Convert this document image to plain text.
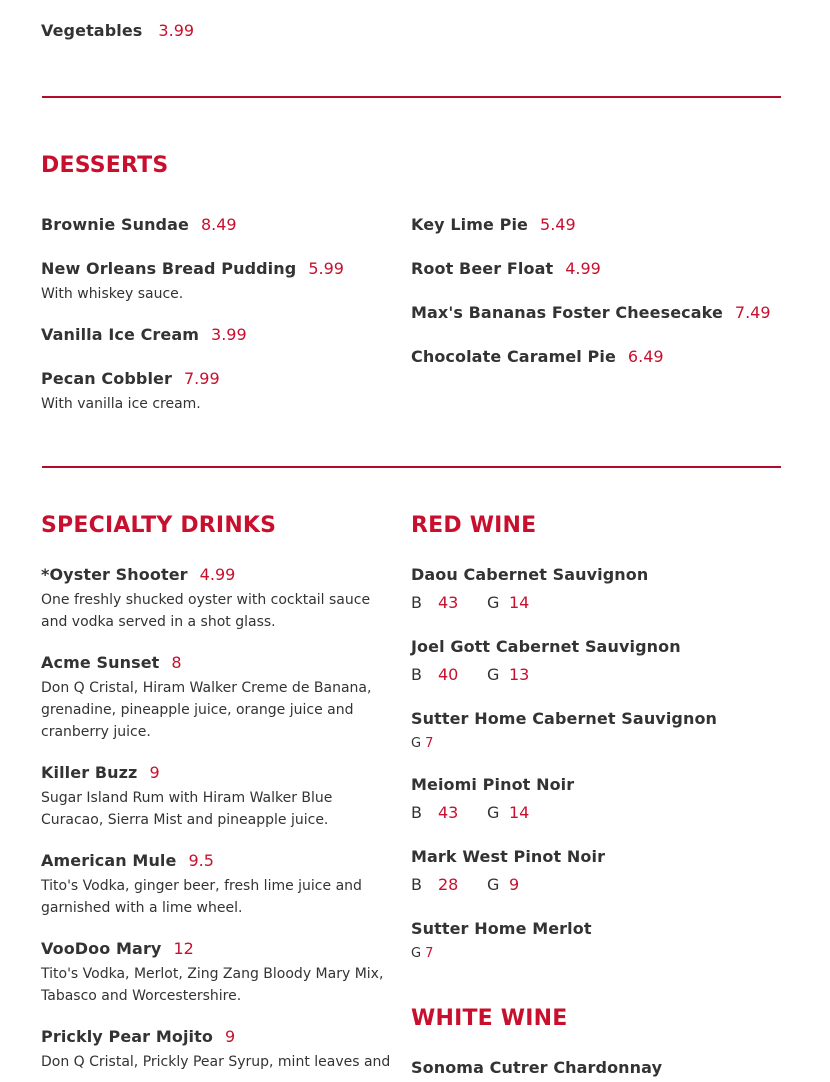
Vegetables 3.99
DESSERTS
Brownie Sundae 8.49
New Orleans Bread Pudding 5.99
With whiskey sauce.
Vanilla Ice Cream 3.99
Pecan Cobbler 7.99
With vanilla ice cream.
Key Lime Pie 5.49
Root Beer Float 4.99
Max's Bananas Foster Cheesecake 7.49
Chocolate Caramel Pie 6.49
SPECIALTY DRINKS
*Oyster Shooter 4.99
One freshly shucked oyster with cocktail sauce and vodka served in a shot glass.
Acme Sunset 8
Don Q Cristal, Hiram Walker Creme de Banana, grenadine, pineapple juice, orange juice and cranberry juice.
Killer Buzz 9
Sugar Island Rum with Hiram Walker Blue Curacao, Sierra Mist and pineapple juice.
American Mule 9.5
Tito's Vodka, ginger beer, fresh lime juice and garnished with a lime wheel.
VooDoo Mary 12
Tito's Vodka, Merlot, Zing Zang Bloody Mary Mix, Tabasco and Worcestershire.
Prickly Pear Mojito 9
Don Q Cristal, Prickly Pear Syrup, mint leaves and
RED WINE
Daou Cabernet Sauvignon
B 43 G 14
Joel Gott Cabernet Sauvignon
B 40 G 13
Sutter Home Cabernet Sauvignon
G 7
Meiomi Pinot Noir
B 43 G 14
Mark West Pinot Noir
B 28 G 9
Sutter Home Merlot
G 7
WHITE WINE
Sonoma Cutrer Chardonnay
